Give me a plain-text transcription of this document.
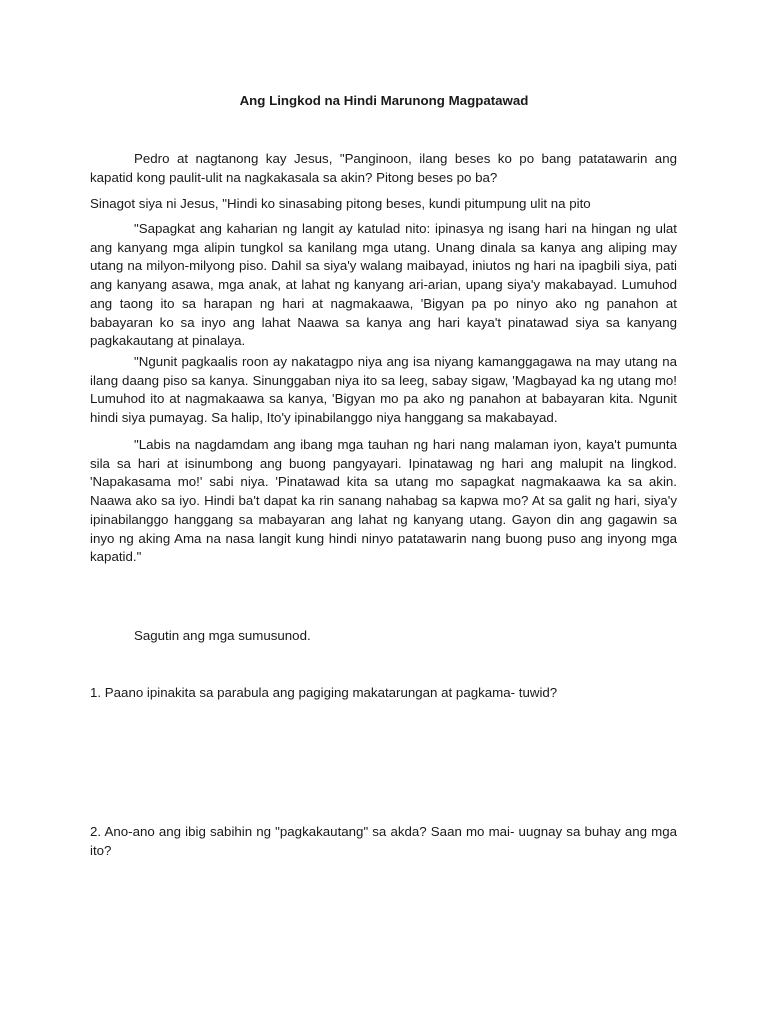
Ang Lingkod na Hindi Marunong Magpatawad
Pedro at nagtanong kay Jesus, "Panginoon, ilang beses ko po bang patatawarin ang kapatid kong paulit-ulit na nagkakasala sa akin? Pitong beses po ba?
Sinagot siya ni Jesus, "Hindi ko sinasabing pitong beses, kundi pitumpung ulit na pito
"Sapagkat ang kaharian ng langit ay katulad nito: ipinasya ng isang hari na hingan ng ulat ang kanyang mga alipin tungkol sa kanilang mga utang. Unang dinala sa kanya ang aliping may utang na milyon-milyong piso. Dahil sa siya'y walang maibayad, iniutos ng hari na ipagbili siya, pati ang kanyang asawa, mga anak, at lahat ng kanyang ari-arian, upang siya'y makabayad. Lumuhod ang taong ito sa harapan ng hari at nagmakaawa, 'Bigyan pa po ninyo ako ng panahon at babayaran ko sa inyo ang lahat Naawa sa kanya ang hari kaya't pinatawad siya sa kanyang pagkakautang at pinalaya.
"Ngunit pagkaalis roon ay nakatagpo niya ang isa niyang kamanggagawa na may utang na ilang daang piso sa kanya. Sinunggaban niya ito sa leeg, sabay sigaw, 'Magbayad ka ng utang mo! Lumuhod ito at nagmakaawa sa kanya, 'Bigyan mo pa ako ng panahon at babayaran kita. Ngunit hindi siya pumayag. Sa halip, Ito'y ipinabilanggo niya hanggang sa makabayad.
"Labis na nagdamdam ang ibang mga tauhan ng hari nang malaman iyon, kaya't pumunta sila sa hari at isinumbong ang buong pangyayari. Ipinatawag ng hari ang malupit na lingkod. 'Napakasama mo!' sabi niya. 'Pinatawad kita sa utang mo sapagkat nagmakaawa ka sa akin. Naawa ako sa iyo. Hindi ba't dapat ka rin sanang nahabag sa kapwa mo? At sa galit ng hari, siya'y ipinabilanggo hanggang sa mabayaran ang lahat ng kanyang utang. Gayon din ang gagawin sa inyo ng aking Ama na nasa langit kung hindi ninyo patatawarin nang buong puso ang inyong mga kapatid."
Sagutin ang mga sumusunod.
1. Paano ipinakita sa parabula ang pagiging makatarungan at pagkama- tuwid?
2. Ano-ano ang ibig sabihin ng "pagkakautang" sa akda? Saan mo mai- uugnay sa buhay ang mga ito?
